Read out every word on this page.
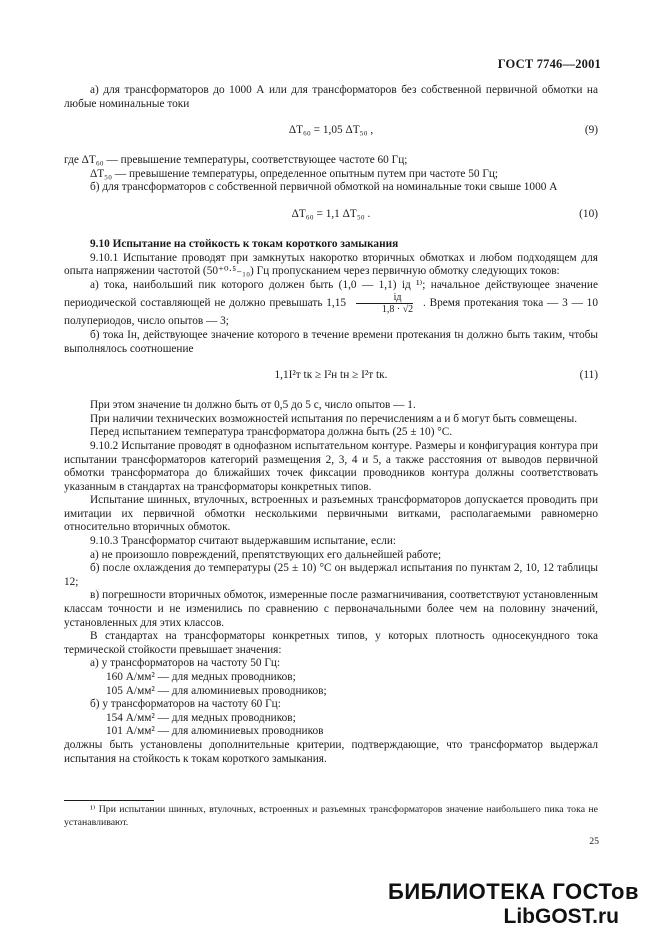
ГОСТ 7746—2001

а) для трансформаторов до 1000 А или для трансформаторов без собственной первичной обмотки на любые номинальные токи

ΔT₆₀ = 1,05 ΔT₅₀ ,	(9)

где ΔT₆₀ — превышение температуры, соответствующее частоте 60 Гц;

ΔT₅₀ — превышение температуры, определенное опытным путем при частоте 50 Гц;

б) для трансформаторов с собственной первичной обмоткой на номинальные токи свыше 1000 А

ΔT₆₀ = 1,1 ΔT₅₀ .	(10)

9.10 Испытание на стойкость к токам короткого замыкания

9.10.1 Испытание проводят при замкнутых накоротко вторичных обмотках и любом подходящем для опыта напряжении частотой (50⁺⁰·⁵₋₁₀) Гц пропусканием через первичную обмотку следующих токов:

а) тока, наибольший пик которого должен быть (1,0 — 1,1) iд ¹⁾; начальное действующее значение периодической составляющей не должно превышать $1,15 \frac{iд}{1,8 \cdot √2}$ . Время протекания тока — 3 — 10 полупериодов, число опытов — 3;

б) тока Iн, действующее значение которого в течение времени протекания tн должно быть таким, чтобы выполнялось соотношение

1,1I²т tк ≥ I²н tн ≥ I²т tк.	(11)

При этом значение tн должно быть от 0,5 до 5 с, число опытов — 1.

При наличии технических возможностей испытания по перечислениям а и б могут быть совмещены.

Перед испытанием температура трансформатора должна быть (25 ± 10) °С.

9.10.2 Испытание проводят в однофазном испытательном контуре. Размеры и конфигурация контура при испытании трансформаторов категорий размещения 2, 3, 4 и 5, а также расстояния от выводов первичной обмотки трансформатора до ближайших точек фиксации проводников контура должны соответствовать указанным в стандартах на трансформаторы конкретных типов.

Испытание шинных, втулочных, встроенных и разъемных трансформаторов допускается проводить при имитации их первичной обмотки несколькими первичными витками, располагаемыми равномерно относительно вторичных обмоток.

9.10.3 Трансформатор считают выдержавшим испытание, если:

а) не произошло повреждений, препятствующих его дальнейшей работе;

б) после охлаждения до температуры (25 ± 10) °С он выдержал испытания по пунктам 2, 10, 12 таблицы 12;

в) погрешности вторичных обмоток, измеренные после размагничивания, соответствуют установленным классам точности и не изменились по сравнению с первоначальными более чем на половину значений, установленных для этих классов.

В стандартах на трансформаторы конкретных типов, у которых плотность односекундного тока термической стойкости превышает значения:

а) у трансформаторов на частоту 50 Гц:

160 А/мм² — для медных проводников;

105 А/мм² — для алюминиевых проводников;

б) у трансформаторов на частоту 60 Гц:

154 А/мм² — для медных проводников;

101 А/мм² — для алюминиевых проводников

должны быть установлены дополнительные критерии, подтверждающие, что трансформатор выдержал испытания на стойкость к токам короткого замыкания.

¹⁾ При испытании шинных, втулочных, встроенных и разъемных трансформаторов значение наибольшего пика тока не устанавливают.
25
БИБЛИОТЕКА ГОСТов
LibGOST.ru
